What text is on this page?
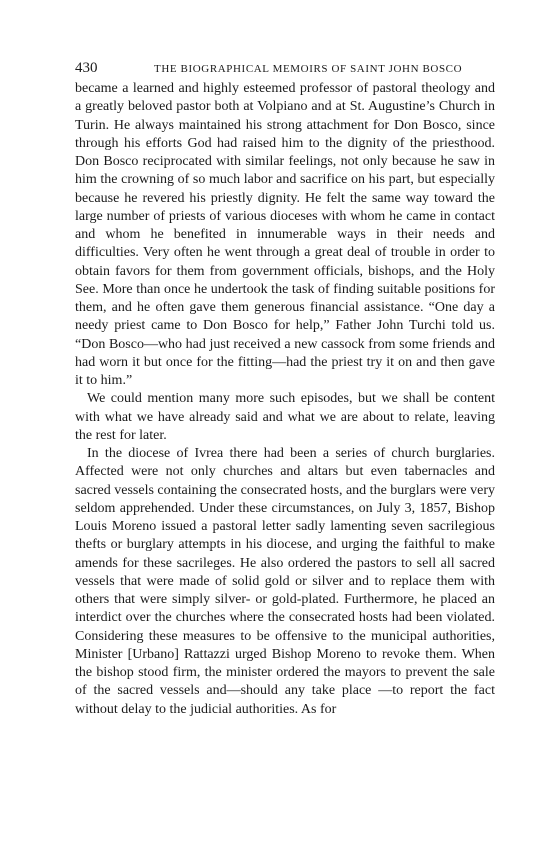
430	THE BIOGRAPHICAL MEMOIRS OF SAINT JOHN BOSCO

became a learned and highly esteemed professor of pastoral theology and a greatly beloved pastor both at Volpiano and at St. Augustine’s Church in Turin. He always maintained his strong attachment for Don Bosco, since through his efforts God had raised him to the dignity of the priesthood. Don Bosco reciprocated with similar feelings, not only because he saw in him the crowning of so much labor and sacrifice on his part, but especially because he revered his priestly dignity. He felt the same way toward the large number of priests of various dioceses with whom he came in contact and whom he benefited in innumerable ways in their needs and difficulties. Very often he went through a great deal of trouble in order to obtain favors for them from government officials, bishops, and the Holy See. More than once he undertook the task of finding suitable positions for them, and he often gave them generous financial assistance. “One day a needy priest came to Don Bosco for help,” Father John Turchi told us. “Don Bosco—who had just received a new cassock from some friends and had worn it but once for the fitting—had the priest try it on and then gave it to him.”

We could mention many more such episodes, but we shall be content with what we have already said and what we are about to relate, leaving the rest for later.

In the diocese of Ivrea there had been a series of church burglaries. Affected were not only churches and altars but even tabernacles and sacred vessels containing the consecrated hosts, and the burglars were very seldom apprehended. Under these circumstances, on July 3, 1857, Bishop Louis Moreno issued a pastoral letter sadly lamenting seven sacrilegious thefts or burglary attempts in his diocese, and urging the faithful to make amends for these sacrileges. He also ordered the pastors to sell all sacred vessels that were made of solid gold or silver and to replace them with others that were simply silver- or gold-plated. Furthermore, he placed an interdict over the churches where the consecrated hosts had been violated. Considering these measures to be offensive to the municipal authorities, Minister [Urbano] Rattazzi urged Bishop Moreno to revoke them. When the bishop stood firm, the minister ordered the mayors to prevent the sale of the sacred vessels and—should any take place —to report the fact without delay to the judicial authorities. As for
